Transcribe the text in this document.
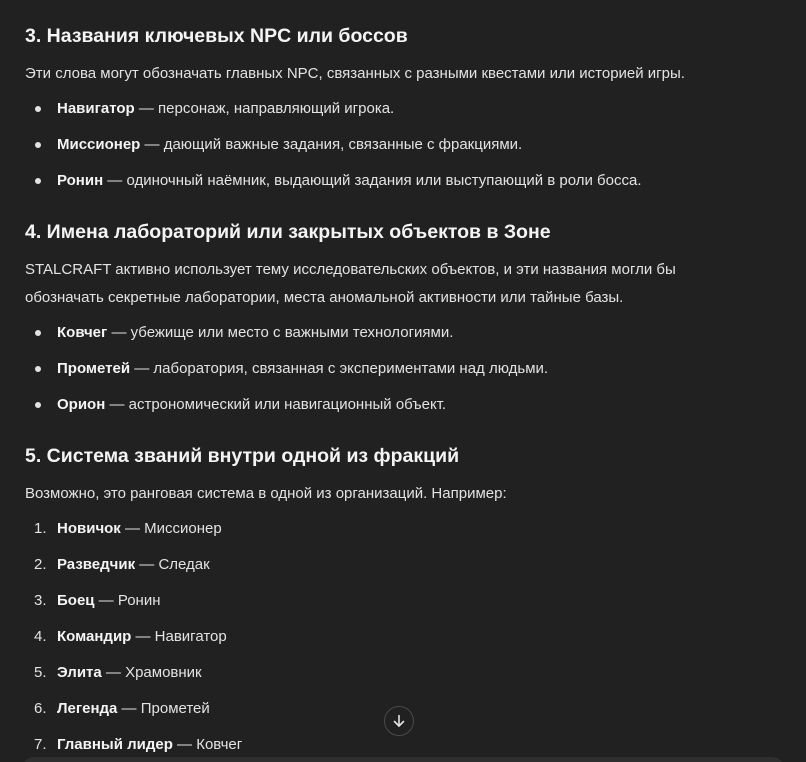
3. Названия ключевых NPC или боссов

Эти слова могут обозначать главных NPC, связанных с разными квестами или историей игры.

Навигатор — персонаж, направляющий игрока.
Миссионер — дающий важные задания, связанные с фракциями.
Ронин — одиночный наёмник, выдающий задания или выступающий в роли босса.
4. Имена лабораторий или закрытых объектов в Зоне

STALCRAFT активно использует тему исследовательских объектов, и эти названия могли бы
обозначать секретные лаборатории, места аномальной активности или тайные базы.

Ковчег — убежище или место с важными технологиями.
Прометей — лаборатория, связанная с экспериментами над людьми.
Орион — астрономический или навигационный объект.
5. Система званий внутри одной из фракций

Возможно, это ранговая система в одной из организаций. Например:

1. Новичок — Миссионер
2. Разведчик — Следак
3. Боец — Ронин
4. Командир — Навигатор
5. Элита — Храмовник
6. Легенда — Прометей
7. Главный лидер — Ковчег
